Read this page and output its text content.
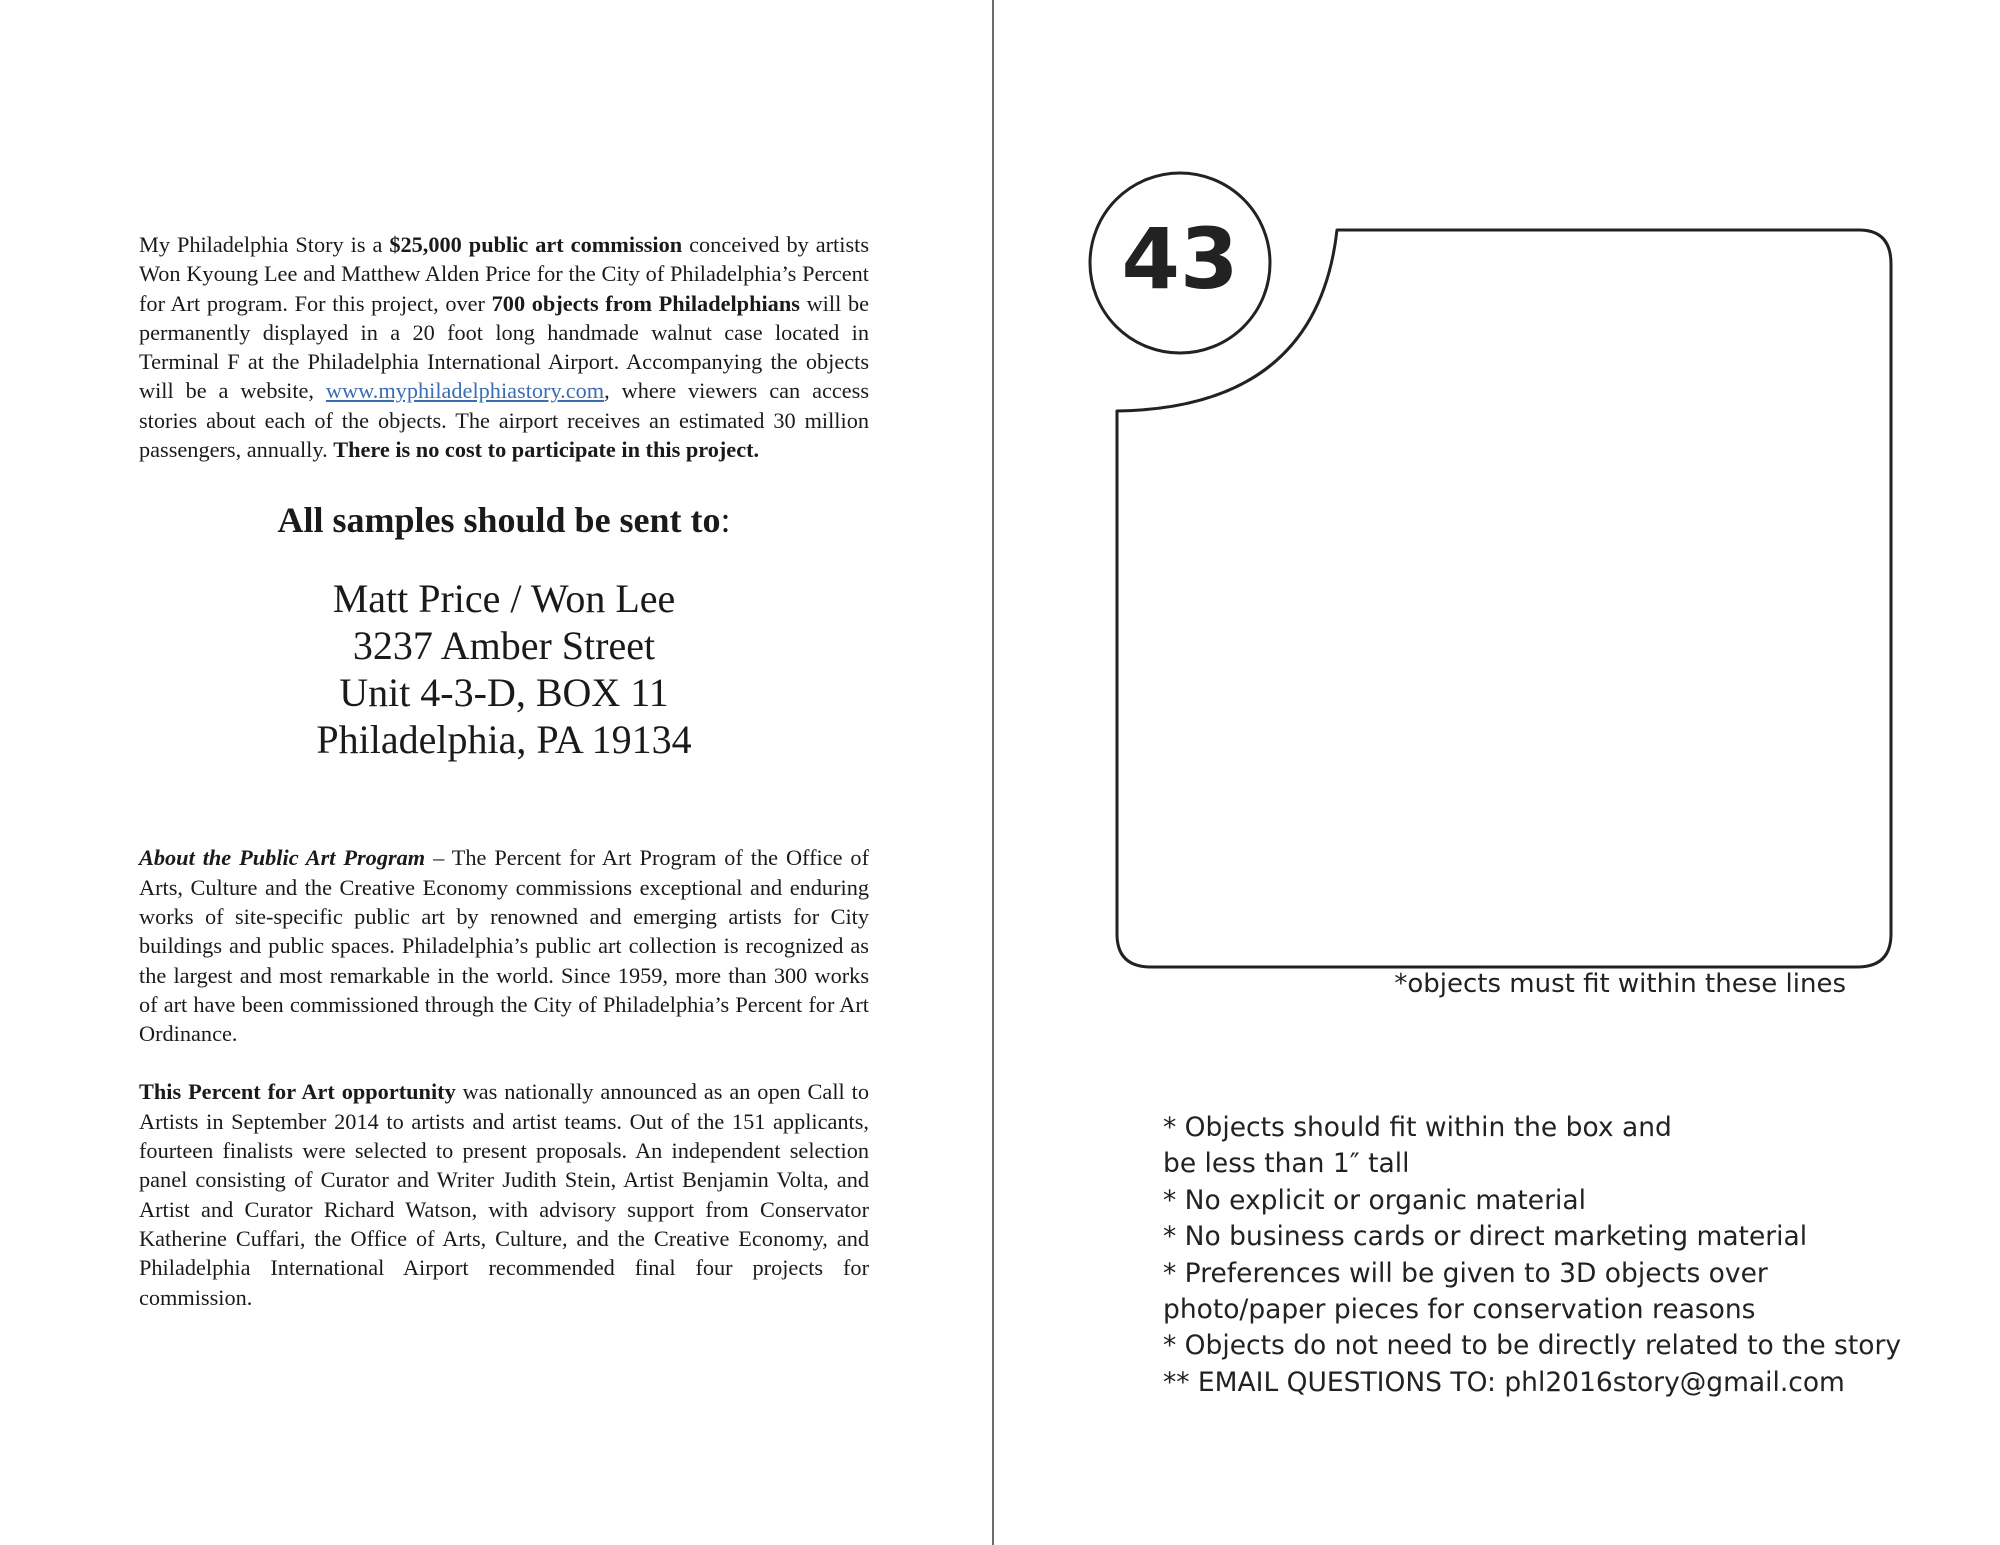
My Philadelphia Story is a $25,000 public art commission conceived by artists Won Kyoung Lee and Matthew Alden Price for the City of Philadelphia’s Percent for Art program. For this project, over 700 objects from Philadelphians will be permanently displayed in a 20 foot long handmade walnut case located in Terminal F at the Philadelphia International Airport. Accompanying the objects will be a website, www.myphiladelphiastory.com, where viewers can access stories about each of the objects. The airport receives an estimated 30 million passengers, annually. There is no cost to participate in this project.

All samples should be sent to:
Matt Price / Won Lee
3237 Amber Street
Unit 4-3-D, BOX 11
Philadelphia, PA 19134

About the Public Art Program – The Percent for Art Program of the Office of Arts, Culture and the Creative Economy commissions exceptional and enduring works of site-specific public art by renowned and emerging artists for City buildings and public spaces. Philadelphia’s public art collection is recognized as the largest and most remarkable in the world. Since 1959, more than 300 works of art have been commissioned through the City of Philadelphia’s Percent for Art Ordinance.

This Percent for Art opportunity was nationally announced as an open Call to Artists in September 2014 to artists and artist teams. Out of the 151 applicants, fourteen finalists were selected to present proposals. An independent selection panel consisting of Curator and Writer Judith Stein, Artist Benjamin Volta, and Artist and Curator Richard Watson, with advisory support from Conservator Katherine Cuffari, the Office of Arts, Culture, and the Creative Economy, and Philadelphia International Airport recommended final four projects for commission.

43
*objects must fit within these lines
* Objects should fit within the box and
be less than 1″ tall
* No explicit or organic material
* No business cards or direct marketing material
* Preferences will be given to 3D objects over
photo/paper pieces for conservation reasons
* Objects do not need to be directly related to the story
** EMAIL QUESTIONS TO: phl2016story@gmail.com
